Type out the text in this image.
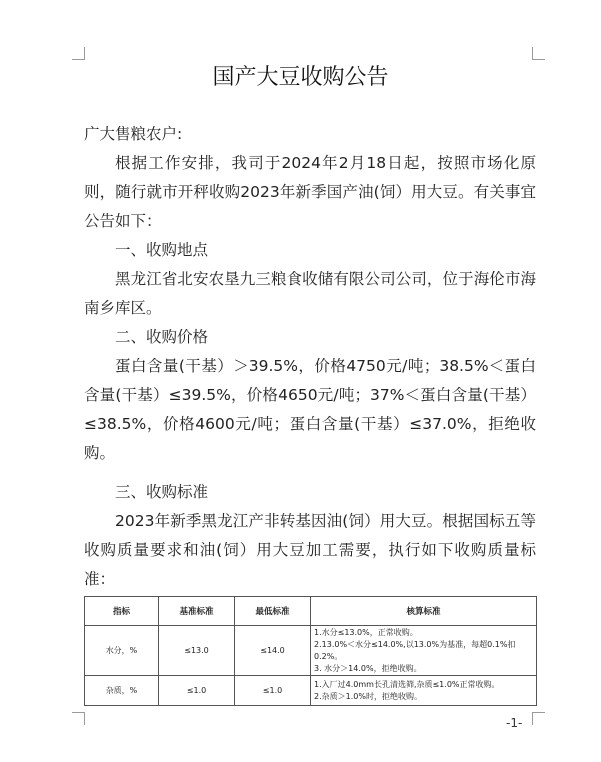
国产大豆收购公告
广大售粮农户:
根据工作安排，我司于2024年2月18日起，按照市场化原则，随行就市开秤收购2023年新季国产油(饲）用大豆。有关事宜公告如下：
一、收购地点
黑龙江省北安农垦九三粮食收储有限公司公司，位于海伦市海南乡库区。
二、收购价格
蛋白含量(干基）＞39.5%，价格4750元/吨；38.5%＜蛋白含量(干基）≤39.5%，价格4650元/吨；37%＜蛋白含量(干基）≤38.5%，价格4600元/吨；蛋白含量(干基）≤37.0%，拒绝收购。
三、收购标准
2023年新季黑龙江产非转基因油(饲）用大豆。根据国标五等收购质量要求和油(饲）用大豆加工需要，执行如下收购质量标准：
指标	基准标准	最低标准	核算标准
水分，%	≤13.0	≤14.0	1.水分≤13.0%，正常收购。
2.13.0%＜水分≤14.0%,以13.0%为基准，每超0.1%扣0.2%。
3. 水分＞14.0%，拒绝收购。

杂质，%	≤1.0	≤1.0	1.入厂过4.0mm长孔清选筛,杂质≤1.0%正常收购。
2.杂质＞1.0%时，拒绝收购。
-1-
